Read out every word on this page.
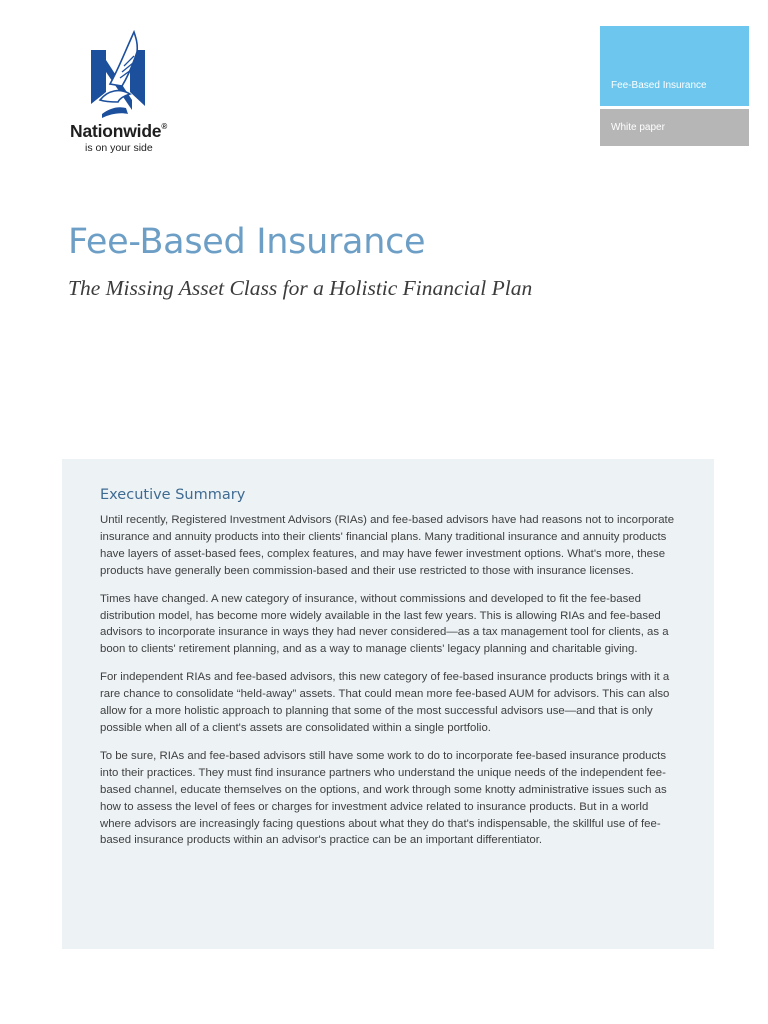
Nationwide®
is on your side
Fee-Based Insurance
White paper
Fee-Based Insurance
The Missing Asset Class for a Holistic Financial Plan
Executive Summary

Until recently, Registered Investment Advisors (RIAs) and fee-based advisors have had reasons not to incorporate insurance and annuity products into their clients' financial plans. Many traditional insurance and annuity products have layers of asset-based fees, complex features, and may have fewer investment options. What's more, these products have generally been commission-based and their use restricted to those with insurance licenses.

Times have changed. A new category of insurance, without commissions and developed to fit the fee-based distribution model, has become more widely available in the last few years. This is allowing RIAs and fee-based advisors to incorporate insurance in ways they had never considered—as a tax management tool for clients, as a boon to clients' retirement planning, and as a way to manage clients' legacy planning and charitable giving.

For independent RIAs and fee-based advisors, this new category of fee-based insurance products brings with it a rare chance to consolidate “held-away” assets. That could mean more fee-based AUM for advisors. This can also allow for a more holistic approach to planning that some of the most successful advisors use—and that is only possible when all of a client's assets are consolidated within a single portfolio.

To be sure, RIAs and fee-based advisors still have some work to do to incorporate fee-based insurance products into their practices. They must find insurance partners who understand the unique needs of the independent fee-based channel, educate themselves on the options, and work through some knotty administrative issues such as how to assess the level of fees or charges for investment advice related to insurance products. But in a world where advisors are increasingly facing questions about what they do that's indispensable, the skillful use of fee-based insurance products within an advisor's practice can be an important differentiator.
